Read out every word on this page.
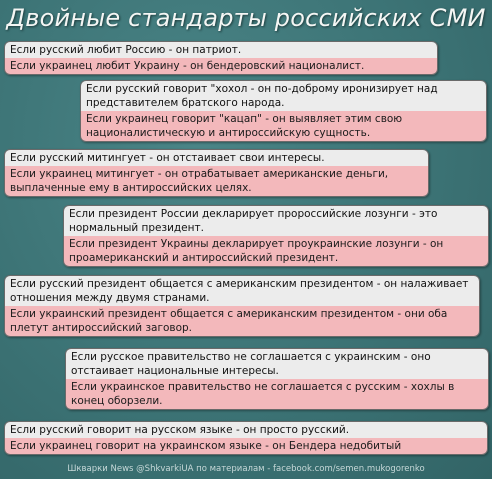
Двойные стандарты российских СМИ
Если русский любит Россию - он патриот.
Если украинец любит Украину - он бендеровский националист.
Если русский говорит "хохол - он по-доброму иронизирует над представителем братского народа.
Если украинец говорит "кацап" - он выявляет этим свою националистическую и антироссийскую сущность.
Если русский митингует - он отстаивает свои интересы.
Если украинец митингует - он отрабатывает американские деньги, выплаченные ему в антироссийских целях.
Если президент России декларирует пророссийские лозунги - это нормальный президент.
Если президент Украины декларирует проукраинские лозунги - он проамериканский и антироссийский президент.
Если русский президент общается с американским президентом - он налаживает отношения между двумя странами.
Если украинский президент общается с американским президентом - они оба плетут антироссийский заговор.
Если русское правительство не соглашается с украинским - оно отстаивает национальные интересы.
Если украинское правительство не соглашается с русским - хохлы в конец оборзели.
Если русский говорит на русском языке - он просто русский.
Если украинец говорит на украинском языке - он Бендера недобитый
Шкварки News @ShkvarkiUA по материалам - facebook.com/semen.mukogorenko
